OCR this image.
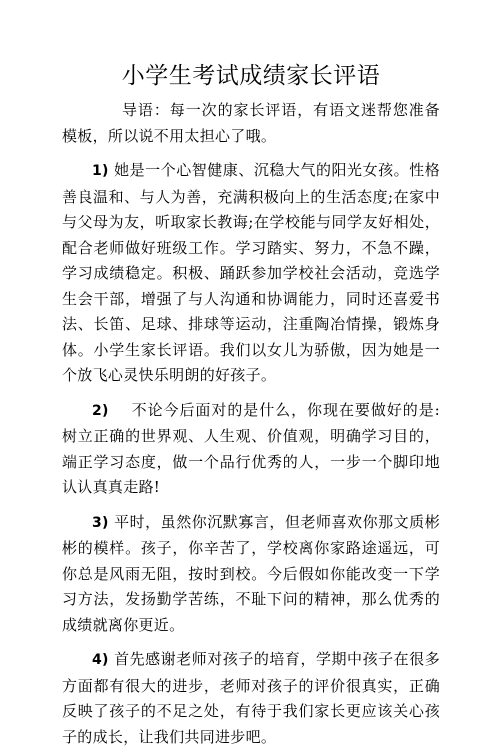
小学生考试成绩家长评语

导语：每一次的家长评语，有语文迷帮您准备模板，所以说不用太担心了哦。

1) 她是一个心智健康、沉稳大气的阳光女孩。性格善良温和、与人为善，充满积极向上的生活态度;在家中与父母为友，听取家长教诲;在学校能与同学友好相处，配合老师做好班级工作。学习踏实、努力，不急不躁，学习成绩稳定。积极、踊跃参加学校社会活动，竞选学生会干部，增强了与人沟通和协调能力，同时还喜爱书法、长笛、足球、排球等运动，注重陶冶情操，锻炼身体。小学生家长评语。我们以女儿为骄傲，因为她是一个放飞心灵快乐明朗的好孩子。

2) 不论今后面对的是什么，你现在要做好的是:树立正确的世界观、人生观、价值观，明确学习目的，端正学习态度，做一个品行优秀的人，一步一个脚印地认认真真走路!

3) 平时，虽然你沉默寡言，但老师喜欢你那文质彬彬的模样。孩子，你辛苦了，学校离你家路途遥远，可你总是风雨无阻，按时到校。今后假如你能改变一下学习方法，发扬勤学苦练，不耻下问的精神，那么优秀的成绩就离你更近。

4) 首先感谢老师对孩子的培育，学期中孩子在很多方面都有很大的进步，老师对孩子的评价很真实，正确反映了孩子的不足之处，有待于我们家长更应该关心孩子的成长，让我们共同进步吧。
